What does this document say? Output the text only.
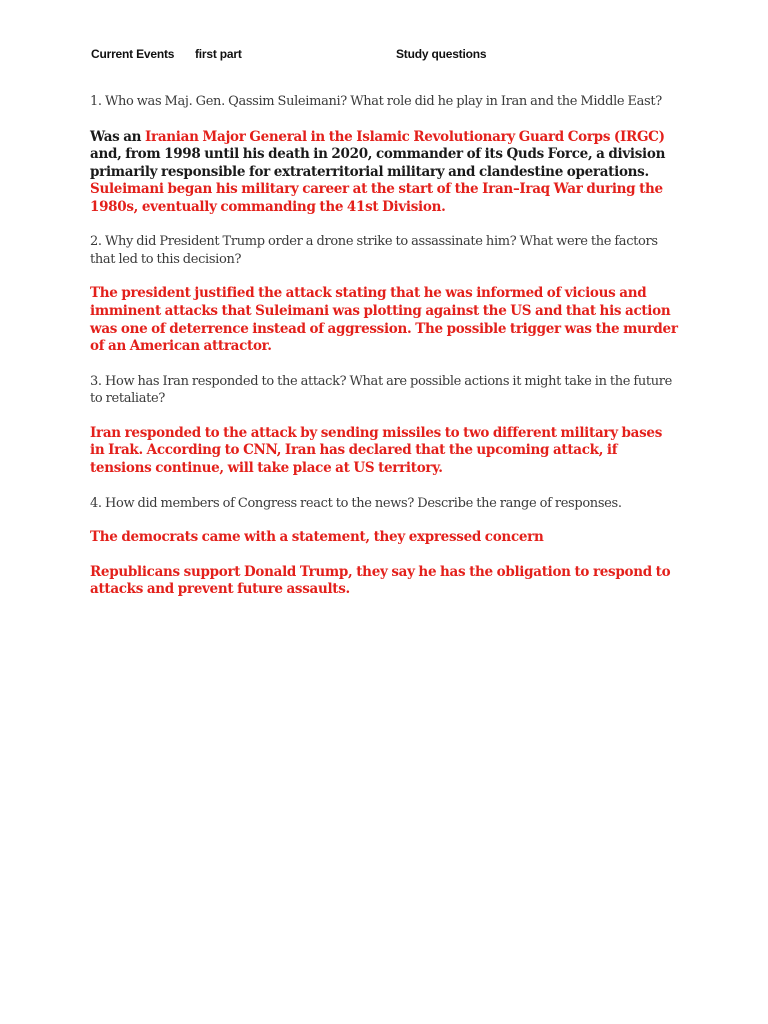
Current Events first part	Study questions

1. Who was Maj. Gen. Qassim Suleimani? What role did he play in Iran and the Middle East?

Was an Iranian Major General in the Islamic Revolutionary Guard Corps (IRGC) and, from 1998 until his death in 2020, commander of its Quds Force, a division primarily responsible for extraterritorial military and clandestine operations. Suleimani began his military career at the start of the Iran–Iraq War during the 1980s, eventually commanding the 41st Division.

2. Why did President Trump order a drone strike to assassinate him? What were the factors that led to this decision?

The president justified the attack stating that he was informed of vicious and imminent attacks that Suleimani was plotting against the US and that his action was one of deterrence instead of aggression. The possible trigger was the murder of an American attractor.

3. How has Iran responded to the attack? What are possible actions it might take in the future to retaliate?

Iran responded to the attack by sending missiles to two different military bases in Irak. According to CNN, Iran has declared that the upcoming attack, if tensions continue, will take place at US territory.

4. How did members of Congress react to the news? Describe the range of responses.

The democrats came with a statement, they expressed concern

Republicans support Donald Trump, they say he has the obligation to respond to attacks and prevent future assaults.
